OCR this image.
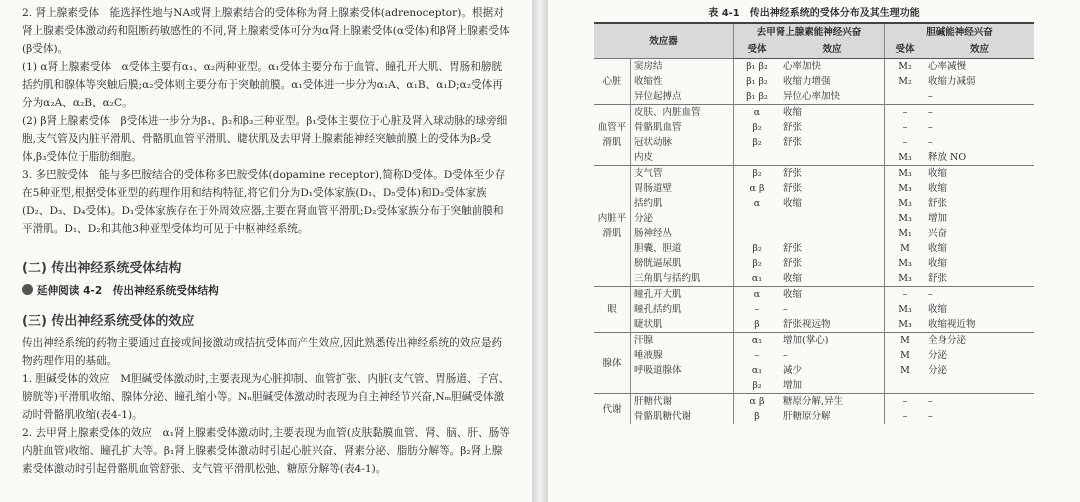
2. 肾上腺素受体　能选择性地与NA或肾上腺素结合的受体称为肾上腺素受体(adrenoceptor)。根据对肾上腺素受体激动药和阻断药敏感性的不同,肾上腺素受体可分为α肾上腺素受体(α受体)和β肾上腺素受体(β受体)。

(1) α肾上腺素受体　α受体主要有α₁、α₂两种亚型。α₁受体主要分布于血管、瞳孔开大肌、胃肠和膀胱括约肌和腺体等突触后膜;α₂受体则主要分布于突触前膜。α₁受体进一步分为α₁A、α₁B、α₁D;α₂受体再分为α₂A、α₂B、α₂C。

(2) β肾上腺素受体　β受体进一步分为β₁、β₂和β₃三种亚型。β₁受体主要位于心脏及肾入球动脉的球旁细胞,支气管及内脏平滑肌、骨骼肌血管平滑肌、睫状肌及去甲肾上腺素能神经突触前膜上的受体为β₂受体,β₃受体位于脂肪细胞。

3. 多巴胺受体　能与多巴胺结合的受体称多巴胺受体(dopamine receptor),简称D受体。D受体至少存在5种亚型,根据受体亚型的药理作用和结构特征,将它们分为D₁受体家族(D₁、D₅受体)和D₂受体家族(D₂、D₃、D₄受体)。D₁受体家族存在于外周效应器,主要在肾血管平滑肌;D₂受体家族分布于突触前膜和平滑肌。D₁、D₂和其他3种亚型受体均可见于中枢神经系统。

(二) 传出神经系统受体结构
延伸阅读 4-2　传出神经系统受体结构
(三) 传出神经系统受体的效应

传出神经系统的药物主要通过直接或间接激动或拮抗受体而产生效应,因此熟悉传出神经系统的效应是药物药理作用的基础。

1. 胆碱受体的效应　M胆碱受体激动时,主要表现为心脏抑制、血管扩张、内脏(支气管、胃肠道、子宫、膀胱等)平滑肌收缩、腺体分泌、瞳孔缩小等。Nₙ胆碱受体激动时表现为自主神经节兴奋,Nₘ胆碱受体激动时骨骼肌收缩(表4-1)。

2. 去甲肾上腺素受体的效应　α₁肾上腺素受体激动时,主要表现为血管(皮肤黏膜血管、肾、脑、肝、肠等内脏血管)收缩、瞳孔扩大等。β₁肾上腺素受体激动时引起心脏兴奋、肾素分泌、脂肪分解等。β₂肾上腺素受体激动时引起骨骼肌血管舒张、支气管平滑肌松弛、糖原分解等(表4-1)。

表 4-1　传出神经系统的受体分布及其生理功能
效应器		去甲肾上腺素能神经兴奋		胆碱能神经兴奋	
		受体	效应	受体	效应
心脏	窦房结	β₁ β₂	心率加快	M₂	心率减慢
	收缩性	β₁ β₂	收缩力增强	M₂	收缩力减弱
	异位起搏点	β₁ β₂	异位心率加快		–
血管平滑肌	皮肤、内脏血管	α	收缩	–	–
	骨骼肌血管	β₂	舒张	–	–
	冠状动脉	β₂	舒张	–	–
	内皮			M₃	释放 NO
内脏平滑肌	支气管	β₂	舒张	M₃	收缩
	胃肠道壁	α β	舒张	M₃	收缩
	括约肌	α	收缩	M₃	舒张
	分泌			M₃	增加
	肠神经丛			M₁	兴奋
	胆囊、胆道	β₂	舒张	M	收缩
	膀胱逼尿肌	β₂	舒张	M₃	收缩
	三角肌与括约肌	α₁	收缩	M₃	舒张
眼	瞳孔开大肌	α	收缩	–	–
	瞳孔括约肌	–	–	M₃	收缩
	睫状肌	β	舒张视远物	M₃	收缩视近物
腺体	汗腺	α₁	增加(掌心)	M	全身分泌
	唾液腺	–	–	M	分泌
	呼吸道腺体	α₁	减少	M	分泌
		β₂	增加		
代谢	肝糖代谢	α β	糖原分解,异生	–	–
	骨骼肌糖代谢	β	肝糖原分解	–	–
